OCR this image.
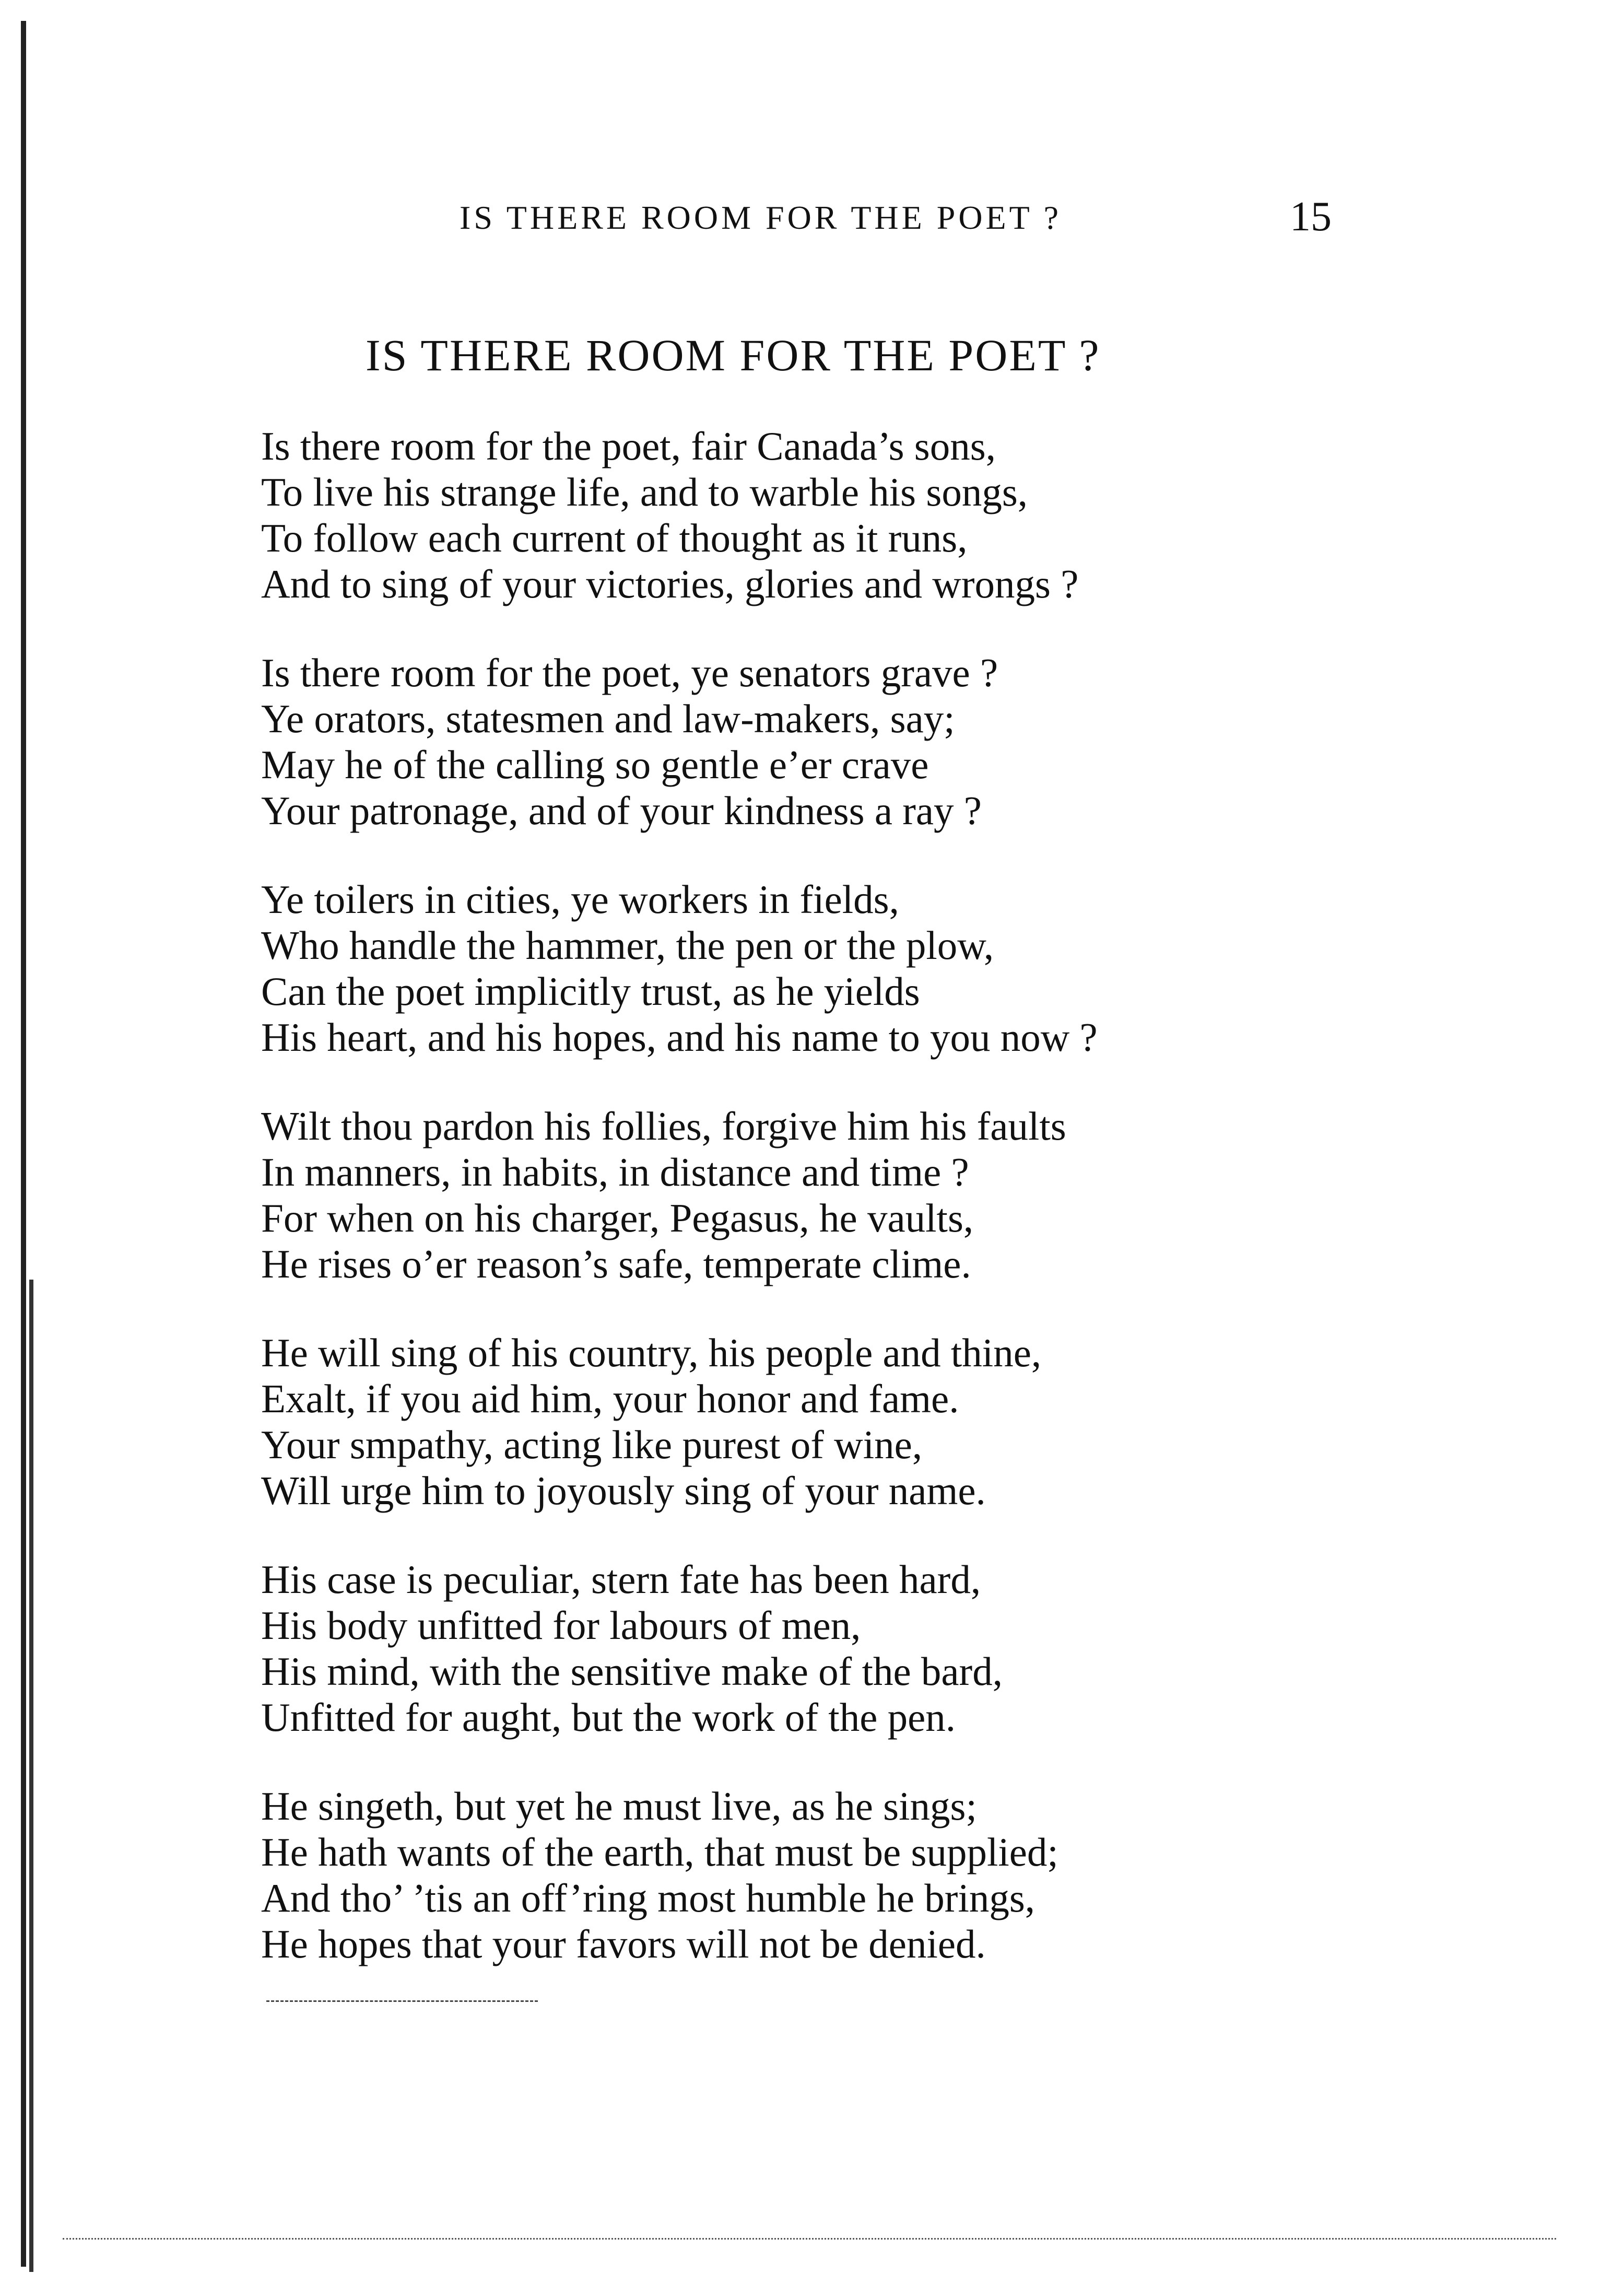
IS THERE ROOM FOR THE POET ?	15
IS THERE ROOM FOR THE POET ?
Is there room for the poet, fair Canada’s sons,
To live his strange life, and to warble his songs,
To follow each current of thought as it runs,
And to sing of your victories, glories and wrongs ?
Is there room for the poet, ye senators grave ?
Ye orators, statesmen and law-makers, say;
May he of the calling so gentle e’er crave
Your patronage, and of your kindness a ray ?
Ye toilers in cities, ye workers in fields,
Who handle the hammer, the pen or the plow,
Can the poet implicitly trust, as he yields
His heart, and his hopes, and his name to you now ?
Wilt thou pardon his follies, forgive him his faults
In manners, in habits, in distance and time ?
For when on his charger, Pegasus, he vaults,
He rises o’er reason’s safe, temperate clime.
He will sing of his country, his people and thine,
Exalt, if you aid him, your honor and fame.
Your smpathy, acting like purest of wine,
Will urge him to joyously sing of your name.
His case is peculiar, stern fate has been hard,
His body unfitted for labours of men,
His mind, with the sensitive make of the bard,
Unfitted for aught, but the work of the pen.
He singeth, but yet he must live, as he sings;
He hath wants of the earth, that must be supplied;
And tho’ ’tis an off’ring most humble he brings,
He hopes that your favors will not be denied.
